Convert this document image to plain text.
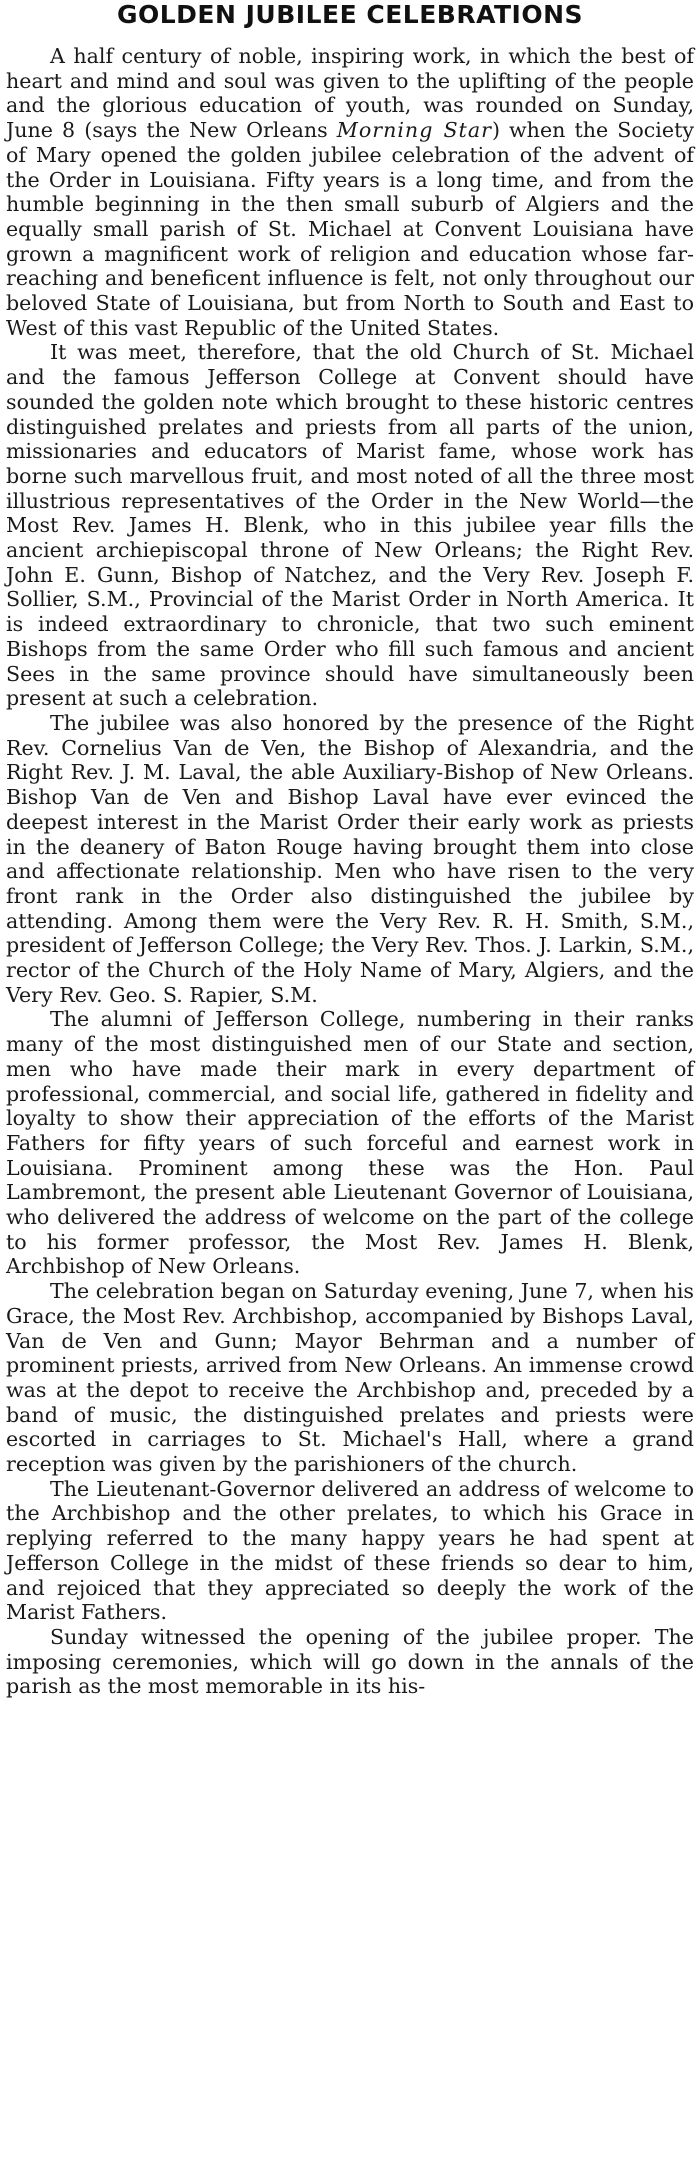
GOLDEN JUBILEE CELEBRATIONS

A half century of noble, inspiring work, in which the best of heart and mind and soul was given to the uplifting of the people and the glorious education of youth, was rounded on Sunday, June 8 (says the New Orleans Morning Star) when the Society of Mary opened the golden jubilee celebration of the advent of the Order in Louisiana. Fifty years is a long time, and from the humble beginning in the then small suburb of Algiers and the equally small parish of St. Michael at Convent Louisiana have grown a magnificent work of religion and education whose far-reaching and beneficent influence is felt, not only throughout our beloved State of Louisiana, but from North to South and East to West of this vast Republic of the United States.

It was meet, therefore, that the old Church of St. Michael and the famous Jefferson College at Convent should have sounded the golden note which brought to these historic centres distinguished prelates and priests from all parts of the union, missionaries and educators of Marist fame, whose work has borne such marvellous fruit, and most noted of all the three most illustrious representatives of the Order in the New World—the Most Rev. James H. Blenk, who in this jubilee year fills the ancient archiepiscopal throne of New Orleans; the Right Rev. John E. Gunn, Bishop of Natchez, and the Very Rev. Joseph F. Sollier, S.M., Provincial of the Marist Order in North America. It is indeed extraordinary to chronicle, that two such eminent Bishops from the same Order who fill such famous and ancient Sees in the same province should have simultaneously been present at such a celebration.

The jubilee was also honored by the presence of the Right Rev. Cornelius Van de Ven, the Bishop of Alexandria, and the Right Rev. J. M. Laval, the able Auxiliary-Bishop of New Orleans. Bishop Van de Ven and Bishop Laval have ever evinced the deepest interest in the Marist Order their early work as priests in the deanery of Baton Rouge having brought them into close and affectionate relationship. Men who have risen to the very front rank in the Order also distinguished the jubilee by attending. Among them were the Very Rev. R. H. Smith, S.M., president of Jefferson College; the Very Rev. Thos. J. Larkin, S.M., rector of the Church of the Holy Name of Mary, Algiers, and the Very Rev. Geo. S. Rapier, S.M.

The alumni of Jefferson College, numbering in their ranks many of the most distinguished men of our State and section, men who have made their mark in every department of professional, commercial, and social life, gathered in fidelity and loyalty to show their appreciation of the efforts of the Marist Fathers for fifty years of such forceful and earnest work in Louisiana. Prominent among these was the Hon. Paul Lambremont, the present able Lieutenant Governor of Louisiana, who delivered the address of welcome on the part of the college to his former professor, the Most Rev. James H. Blenk, Archbishop of New Orleans.

The celebration began on Saturday evening, June 7, when his Grace, the Most Rev. Archbishop, accompanied by Bishops Laval, Van de Ven and Gunn; Mayor Behrman and a number of prominent priests, arrived from New Orleans. An immense crowd was at the depot to receive the Archbishop and, preceded by a band of music, the distinguished prelates and priests were escorted in carriages to St. Michael's Hall, where a grand reception was given by the parishioners of the church.

The Lieutenant-Governor delivered an address of welcome to the Archbishop and the other prelates, to which his Grace in replying referred to the many happy years he had spent at Jefferson College in the midst of these friends so dear to him, and rejoiced that they appreciated so deeply the work of the Marist Fathers.

Sunday witnessed the opening of the jubilee proper. The imposing ceremonies, which will go down in the annals of the parish as the most memorable in its his-
